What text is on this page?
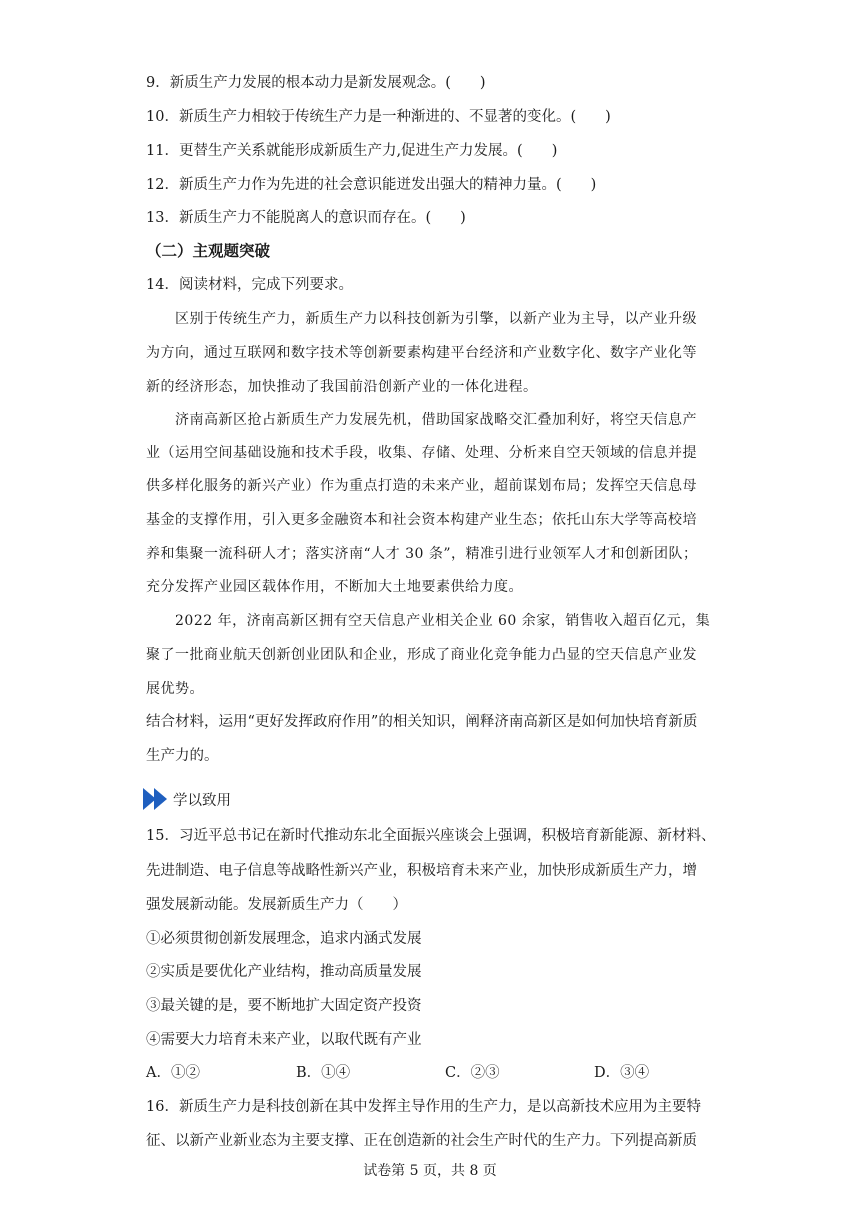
9．新质生产力发展的根本动力是新发展观念。(　　)
10．新质生产力相较于传统生产力是一种渐进的、不显著的变化。(　　)
11．更替生产关系就能形成新质生产力,促进生产力发展。(　　)
12．新质生产力作为先进的社会意识能迸发出强大的精神力量。(　　)
13．新质生产力不能脱离人的意识而存在。(　　)
（二）主观题突破
14．阅读材料，完成下列要求。
区别于传统生产力，新质生产力以科技创新为引擎，以新产业为主导，以产业升级
为方向，通过互联网和数字技术等创新要素构建平台经济和产业数字化、数字产业化等
新的经济形态，加快推动了我国前沿创新产业的一体化进程。
济南高新区抢占新质生产力发展先机，借助国家战略交汇叠加利好，将空天信息产
业（运用空间基础设施和技术手段，收集、存储、处理、分析来自空天领域的信息并提
供多样化服务的新兴产业）作为重点打造的未来产业，超前谋划布局；发挥空天信息母
基金的支撑作用，引入更多金融资本和社会资本构建产业生态；依托山东大学等高校培
养和集聚一流科研人才；落实济南“人才 30 条”，精准引进行业领军人才和创新团队；
充分发挥产业园区载体作用，不断加大土地要素供给力度。
2022 年，济南高新区拥有空天信息产业相关企业 60 余家，销售收入超百亿元，集
聚了一批商业航天创新创业团队和企业，形成了商业化竞争能力凸显的空天信息产业发
展优势。
结合材料，运用“更好发挥政府作用”的相关知识，阐释济南高新区是如何加快培育新质
生产力的。
学以致用
15．习近平总书记在新时代推动东北全面振兴座谈会上强调，积极培育新能源、新材料、
先进制造、电子信息等战略性新兴产业，积极培育未来产业，加快形成新质生产力，增
强发展新动能。发展新质生产力（　　）
①必须贯彻创新发展理念，追求内涵式发展
②实质是要优化产业结构，推动高质量发展
③最关键的是，要不断地扩大固定资产投资
④需要大力培育未来产业，以取代既有产业
A．①②	B．①④	C．②③	D．③④
16．新质生产力是科技创新在其中发挥主导作用的生产力，是以高新技术应用为主要特
征、以新产业新业态为主要支撑、正在创造新的社会生产时代的生产力。下列提高新质
试卷第 5 页，共 8 页
